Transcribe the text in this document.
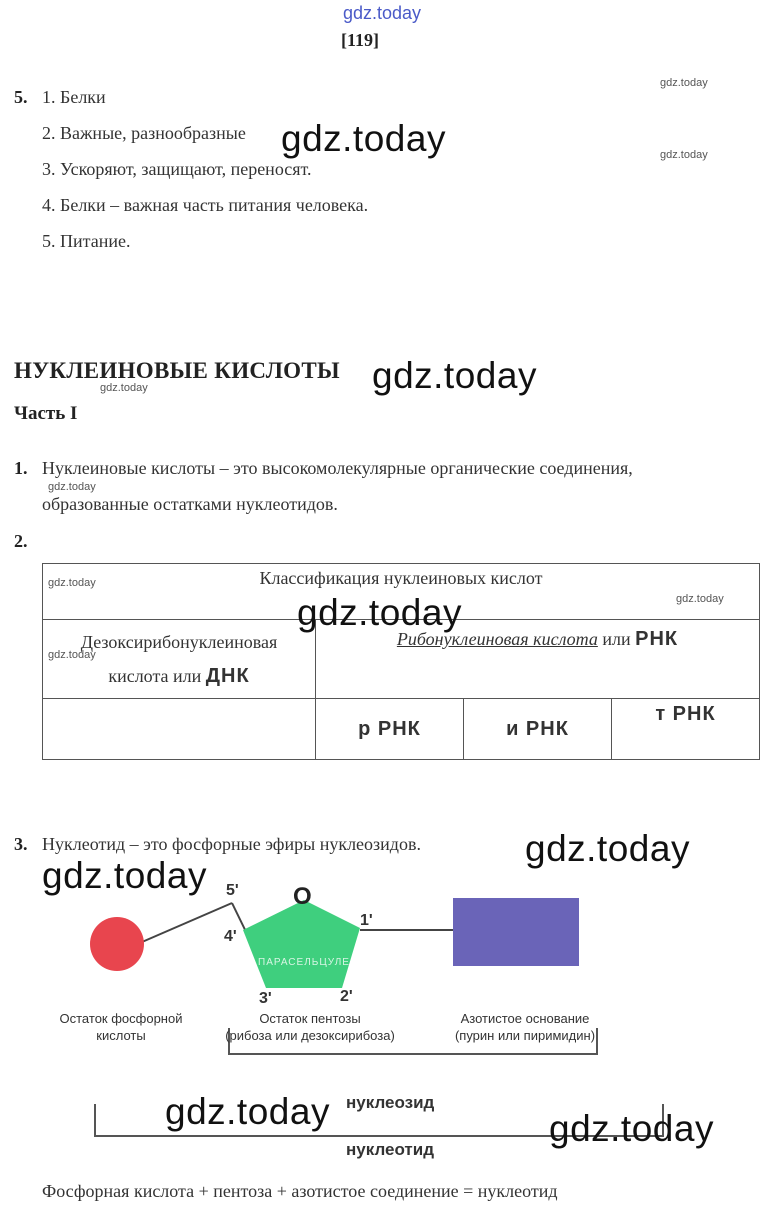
gdz.today
[119]
gdz.today
gdz.today
gdz.today
gdz.today
5. 1. Белки
2. Важные, разнообразные
3. Ускоряют, защищают, переносят.
4. Белки – важная часть питания человека.
5. Питание.
gdz.today
НУКЛЕИНОВЫЕ КИСЛОТЫ gdz.today
Часть I
1. Нуклеиновые кислоты – это высокомолекулярные органические соединения,
образованные остатками нуклеотидов.
2.
Классификация нуклеиновых кислот			

Дезоксирибонуклеиновая
кислота или ДНК	Рибонуклеиновая кислота или РНК		
	р РНК	и РНК	т РНК
gdz.today
gdz.today
gdz.today
gdz.today
3. Нуклеотид – это фосфорные эфиры нуклеозидов.	gdz.today
O
5'
4'
1'
3'	2'
ПАРАСЕЛЬЦУЛЕ
Остаток фосфорной
кислоты
Остаток пентозы
(рибоза или дезоксирибоза)
Азотистое основание
(пурин или пиримидин)
нуклеозид
нуклеотид
gdz.today
gdz.today	gdz.today
Фосфорная кислота + пентоза + азотистое соединение = нуклеотид
